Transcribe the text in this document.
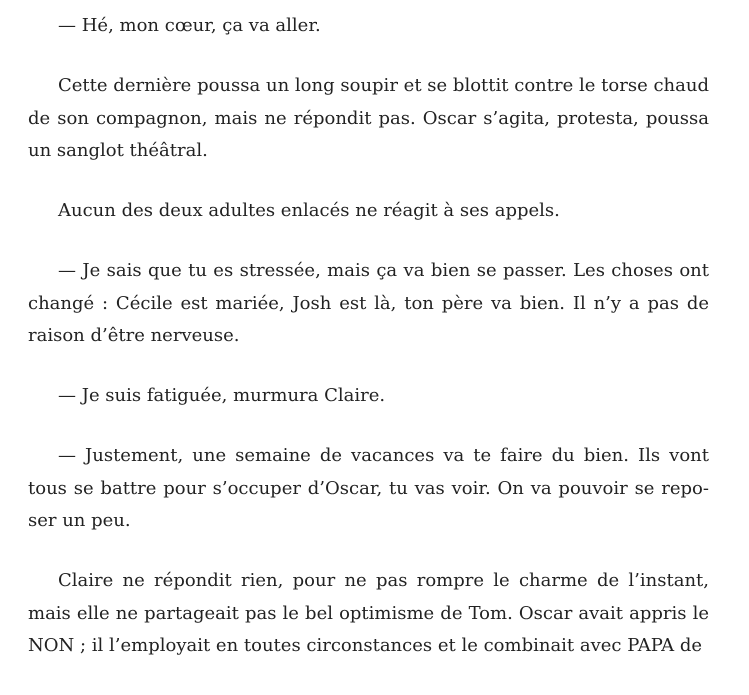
— Hé, mon cœur, ça va aller.

Cette dernière poussa un long soupir et se blottit contre le torse chaud de son compagnon, mais ne répondit pas. Oscar s’agita, protesta, poussa un sanglot théâtral.

Aucun des deux adultes enlacés ne réagit à ses appels.

— Je sais que tu es stressée, mais ça va bien se passer. Les choses ont changé : Cécile est mariée, Josh est là, ton père va bien. Il n’y a pas de raison d’être nerveuse.

— Je suis fatiguée, murmura Claire.

— Justement, une semaine de vacances va te faire du bien. Ils vont tous se battre pour s’occuper d’Oscar, tu vas voir. On va pouvoir se reposer un peu.

Claire ne répondit rien, pour ne pas rompre le charme de l’instant, mais elle ne partageait pas le bel optimisme de Tom. Oscar avait appris le NON ; il l’employait en toutes circonstances et le combinait avec PAPA de
